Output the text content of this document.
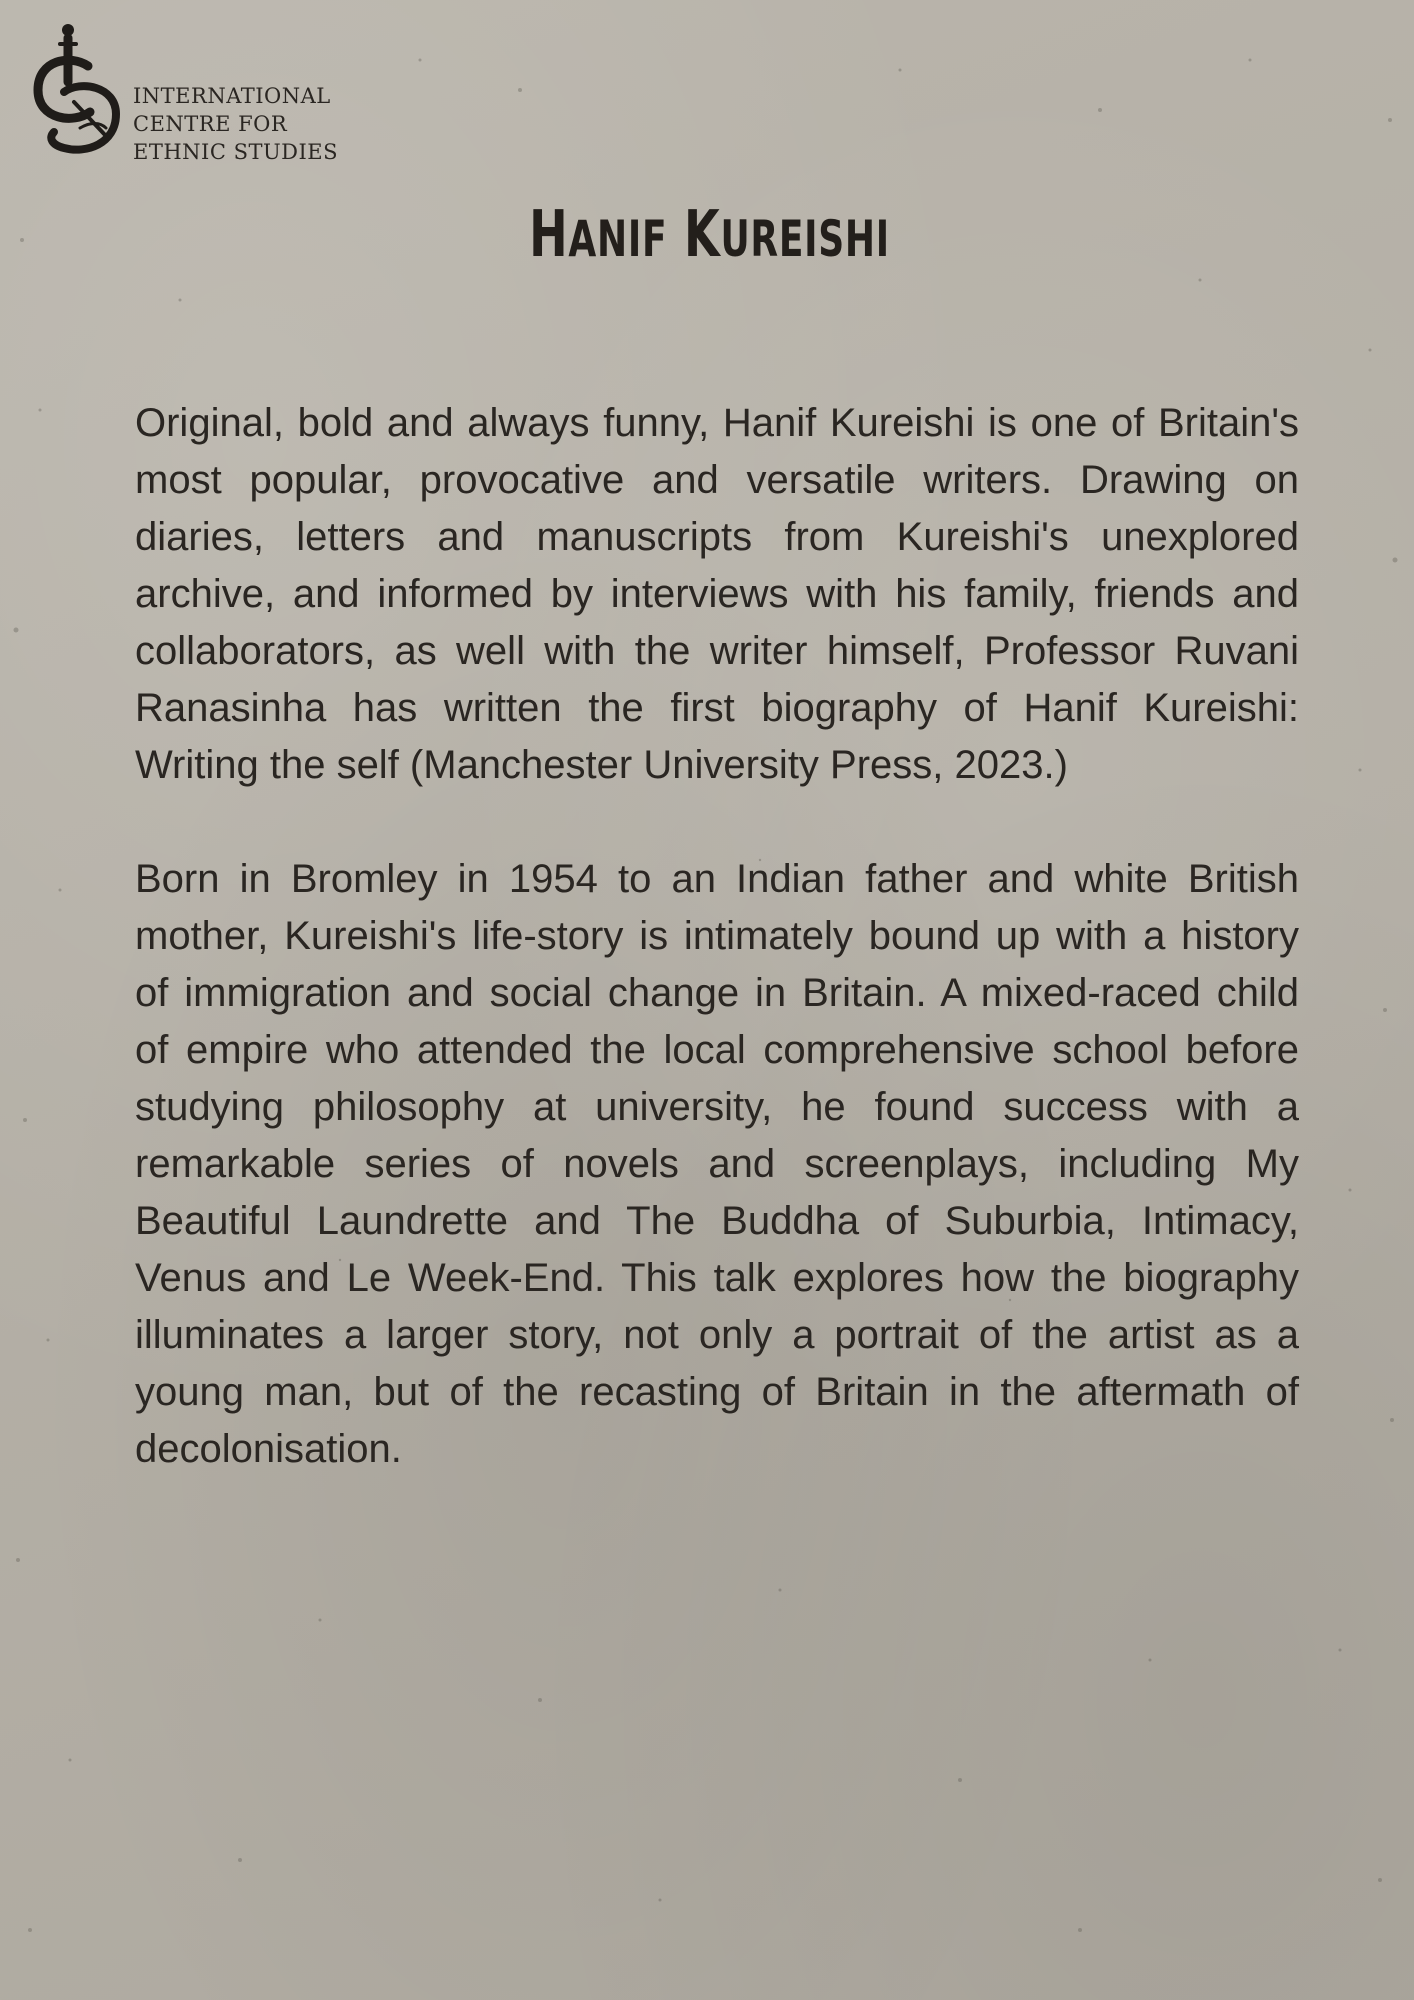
INTERNATIONAL
CENTRE FOR
ETHNIC STUDIES
HANIF KUREISHI

Original, bold and always funny, Hanif Kureishi is one of Britain's most popular, provocative and versatile writers. Drawing on diaries, letters and manuscripts from Kureishi's unexplored archive, and informed by interviews with his family, friends and collaborators, as well with the writer himself, Professor Ruvani Ranasinha has written the first biography of Hanif Kureishi: Writing the self (Manchester University Press, 2023.)

Born in Bromley in 1954 to an Indian father and white British mother, Kureishi's life-story is intimately bound up with a history of immigration and social change in Britain. A mixed-raced child of empire who attended the local comprehensive school before studying philosophy at university, he found success with a remarkable series of novels and screenplays, including My Beautiful Laundrette and The Buddha of Suburbia, Intimacy, Venus and Le Week-End. This talk explores how the biography illuminates a larger story, not only a portrait of the artist as a young man, but of the recasting of Britain in the aftermath of decolonisation.
